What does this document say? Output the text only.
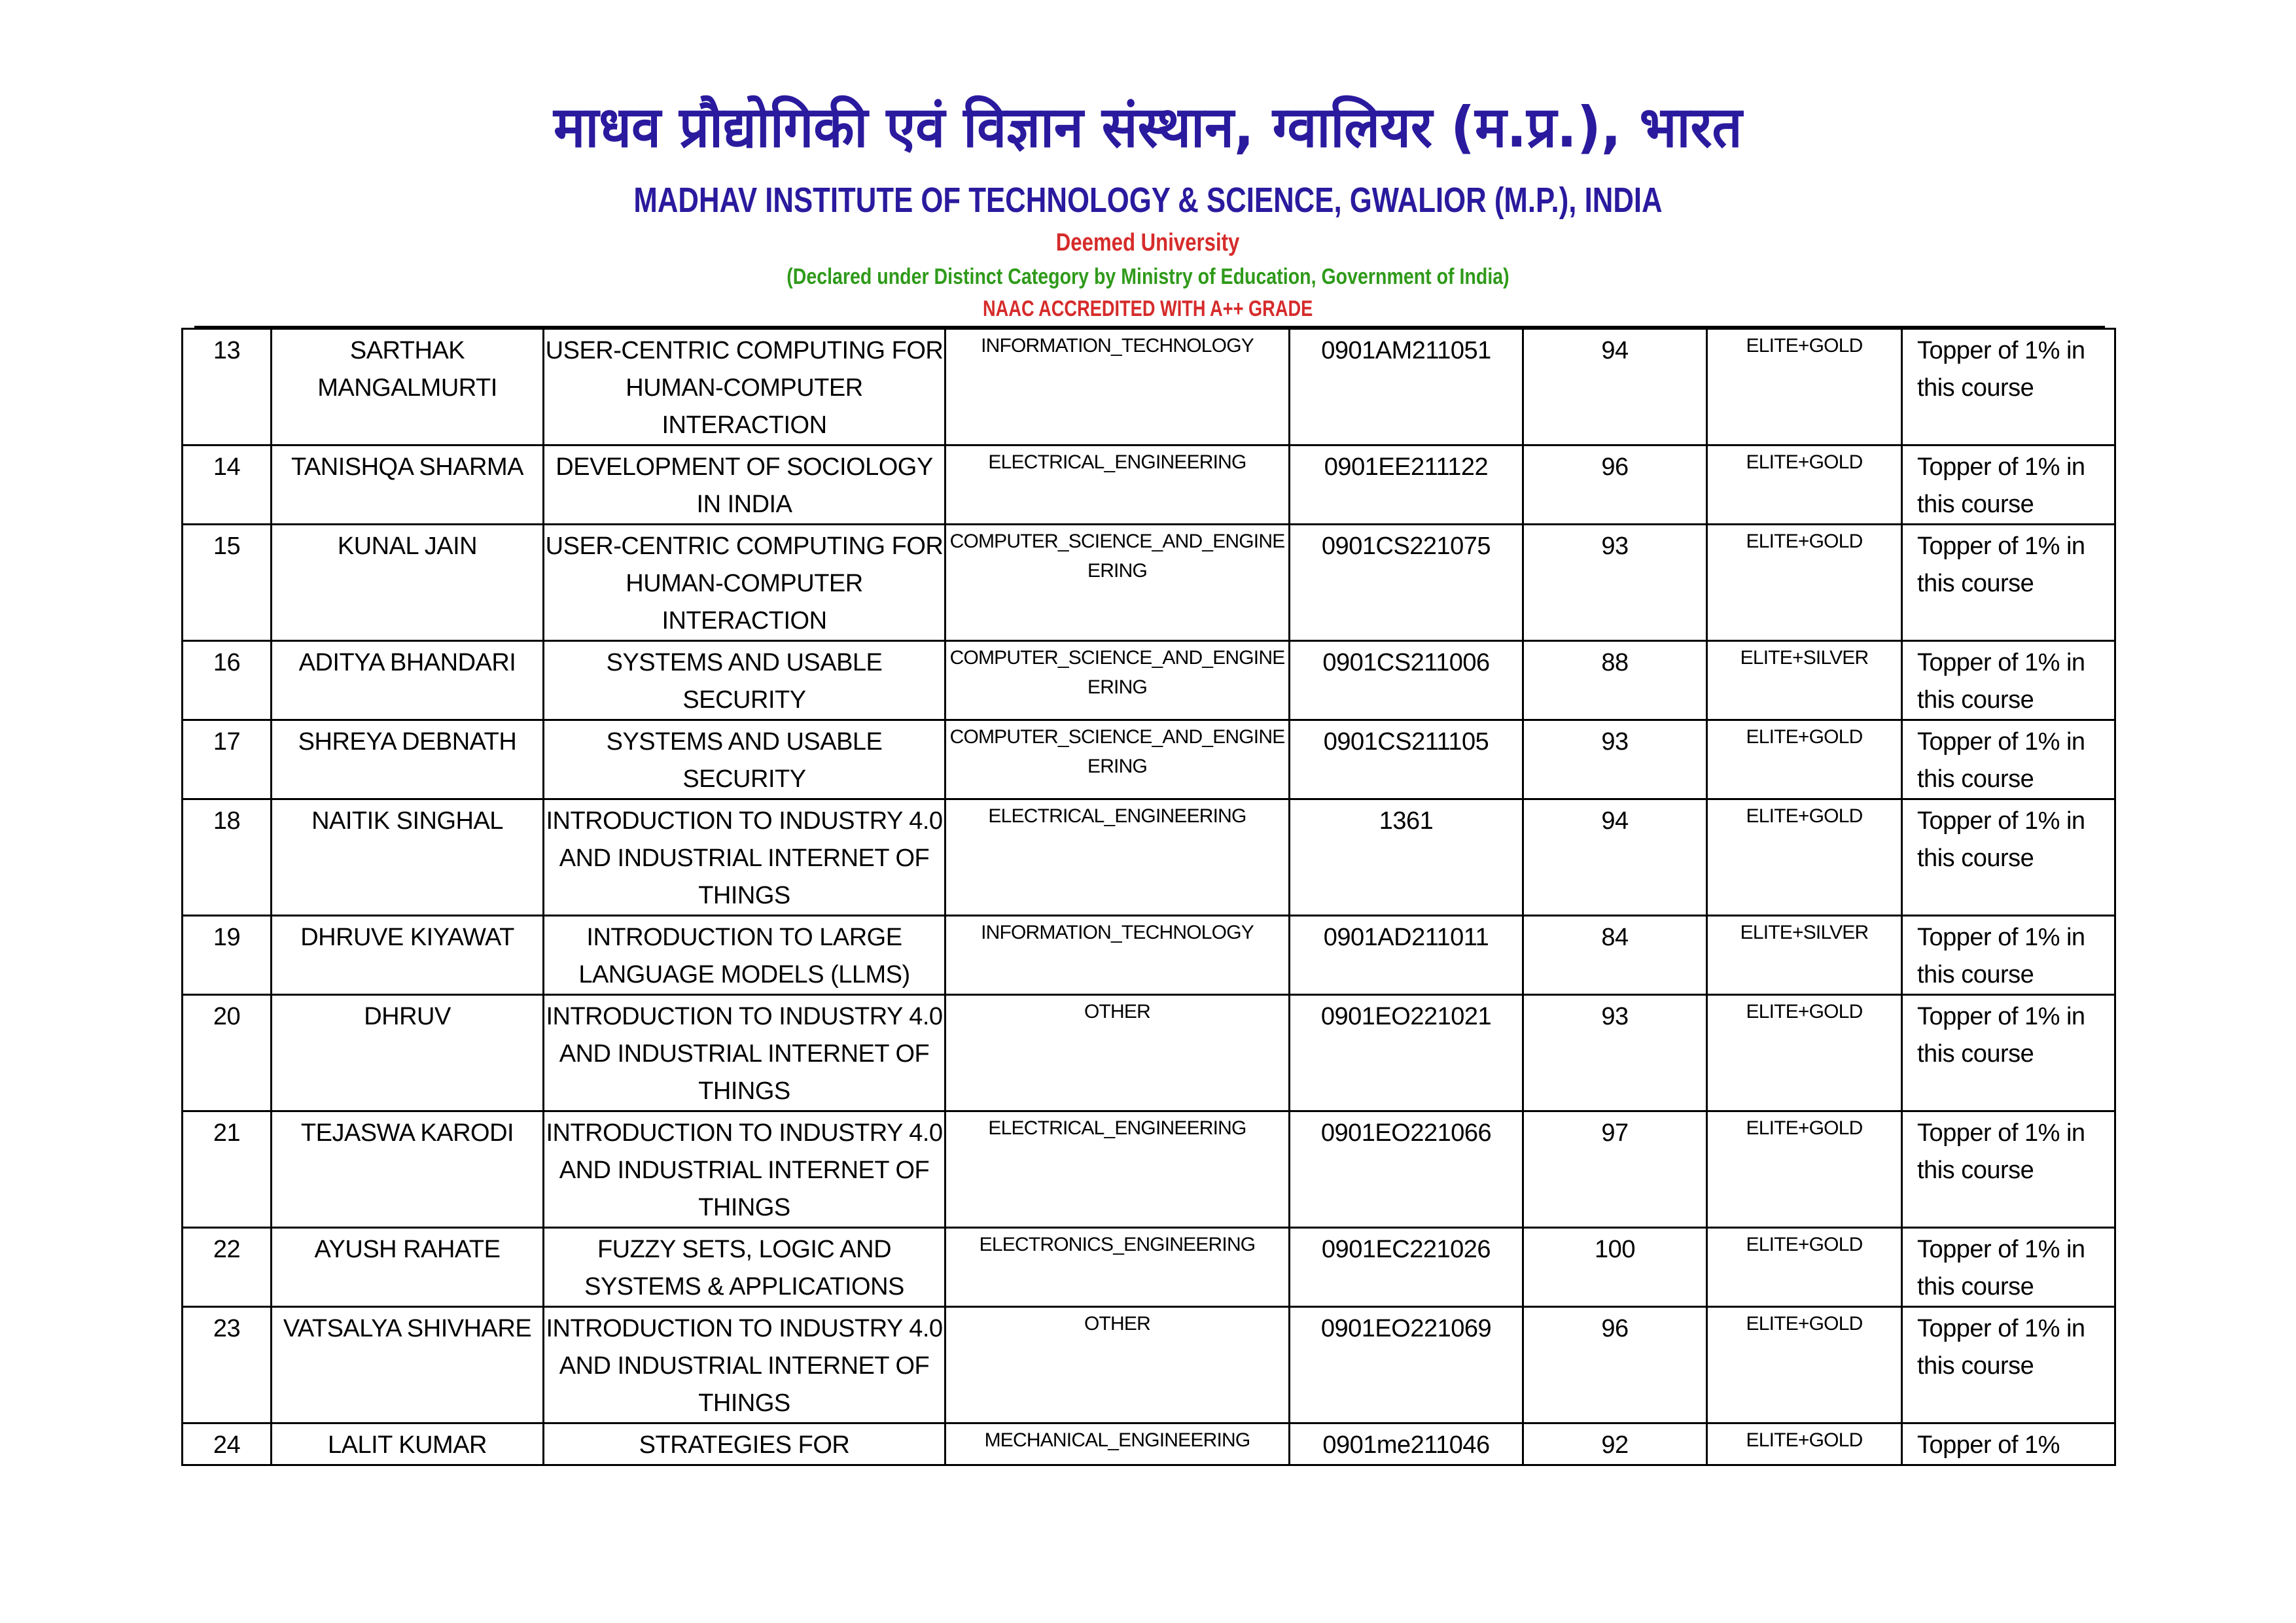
माधव प्रौद्योगिकी एवं विज्ञान संस्थान, ग्वालियर (म.प्र.), भारत
MADHAV INSTITUTE OF TECHNOLOGY & SCIENCE, GWALIOR (M.P.), INDIA
Deemed University
(Declared under Distinct Category by Ministry of Education, Government of India)
NAAC ACCREDITED WITH A++ GRADE
13	SARTHAK MANGALMURTI	USER-CENTRIC COMPUTING FOR HUMAN-COMPUTER INTERACTION	INFORMATION_TECHNOLOGY	0901AM211051	94	ELITE+GOLD	Topper of 1% in this course

14	TANISHQA SHARMA	DEVELOPMENT OF SOCIOLOGY IN INDIA	ELECTRICAL_ENGINEERING	0901EE211122	96	ELITE+GOLD	Topper of 1% in this course

15	KUNAL JAIN	USER-CENTRIC COMPUTING FOR HUMAN-COMPUTER INTERACTION	COMPUTER_SCIENCE_AND_ENGINEERING	0901CS221075	93	ELITE+GOLD	Topper of 1% in this course

16	ADITYA BHANDARI	SYSTEMS AND USABLE SECURITY	COMPUTER_SCIENCE_AND_ENGINEERING	0901CS211006	88	ELITE+SILVER	Topper of 1% in this course

17	SHREYA DEBNATH	SYSTEMS AND USABLE SECURITY	COMPUTER_SCIENCE_AND_ENGINEERING	0901CS211105	93	ELITE+GOLD	Topper of 1% in this course

18	NAITIK SINGHAL	INTRODUCTION TO INDUSTRY 4.0 AND INDUSTRIAL INTERNET OF THINGS	ELECTRICAL_ENGINEERING	1361	94	ELITE+GOLD	Topper of 1% in this course

19	DHRUVE KIYAWAT	INTRODUCTION TO LARGE LANGUAGE MODELS (LLMS)	INFORMATION_TECHNOLOGY	0901AD211011	84	ELITE+SILVER	Topper of 1% in this course

20	DHRUV	INTRODUCTION TO INDUSTRY 4.0 AND INDUSTRIAL INTERNET OF THINGS	OTHER	0901EO221021	93	ELITE+GOLD	Topper of 1% in this course

21	TEJASWA KARODI	INTRODUCTION TO INDUSTRY 4.0 AND INDUSTRIAL INTERNET OF THINGS	ELECTRICAL_ENGINEERING	0901EO221066	97	ELITE+GOLD	Topper of 1% in this course

22	AYUSH RAHATE	FUZZY SETS, LOGIC AND SYSTEMS & APPLICATIONS	ELECTRONICS_ENGINEERING	0901EC221026	100	ELITE+GOLD	Topper of 1% in this course

23	VATSALYA SHIVHARE	INTRODUCTION TO INDUSTRY 4.0 AND INDUSTRIAL INTERNET OF THINGS	OTHER	0901EO221069	96	ELITE+GOLD	Topper of 1% in this course

24	LALIT KUMAR	STRATEGIES FOR	MECHANICAL_ENGINEERING	0901me211046	92	ELITE+GOLD	Topper of 1%
